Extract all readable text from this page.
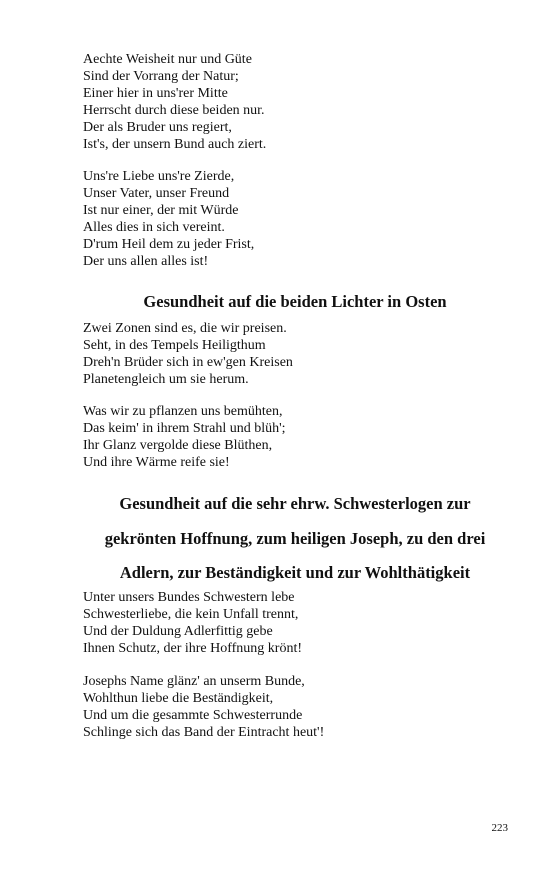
Aechte Weisheit nur und Güte
Sind der Vorrang der Natur;
Einer hier in uns'rer Mitte
Herrscht durch diese beiden nur.
Der als Bruder uns regiert,
Ist's, der unsern Bund auch ziert.
Uns're Liebe uns're Zierde,
Unser Vater, unser Freund
Ist nur einer, der mit Würde
Alles dies in sich vereint.
D'rum Heil dem zu jeder Frist,
Der uns allen alles ist!
Gesundheit auf die beiden Lichter in Osten
Zwei Zonen sind es, die wir preisen.
Seht, in des Tempels Heiligthum
Dreh'n Brüder sich in ew'gen Kreisen
Planetengleich um sie herum.
Was wir zu pflanzen uns bemühten,
Das keim' in ihrem Strahl und blüh';
Ihr Glanz vergolde diese Blüthen,
Und ihre Wärme reife sie!
Gesundheit auf die sehr ehrw. Schwesterlogen zur
gekrönten Hoffnung, zum heiligen Joseph, zu den drei
Adlern, zur Beständigkeit und zur Wohlthätigkeit
Unter unsers Bundes Schwestern lebe
Schwesterliebe, die kein Unfall trennt,
Und der Duldung Adlerfittig gebe
Ihnen Schutz, der ihre Hoffnung krönt!
Josephs Name glänz' an unserm Bunde,
Wohlthun liebe die Beständigkeit,
Und um die gesammte Schwesterrunde
Schlinge sich das Band der Eintracht heut'!
223
